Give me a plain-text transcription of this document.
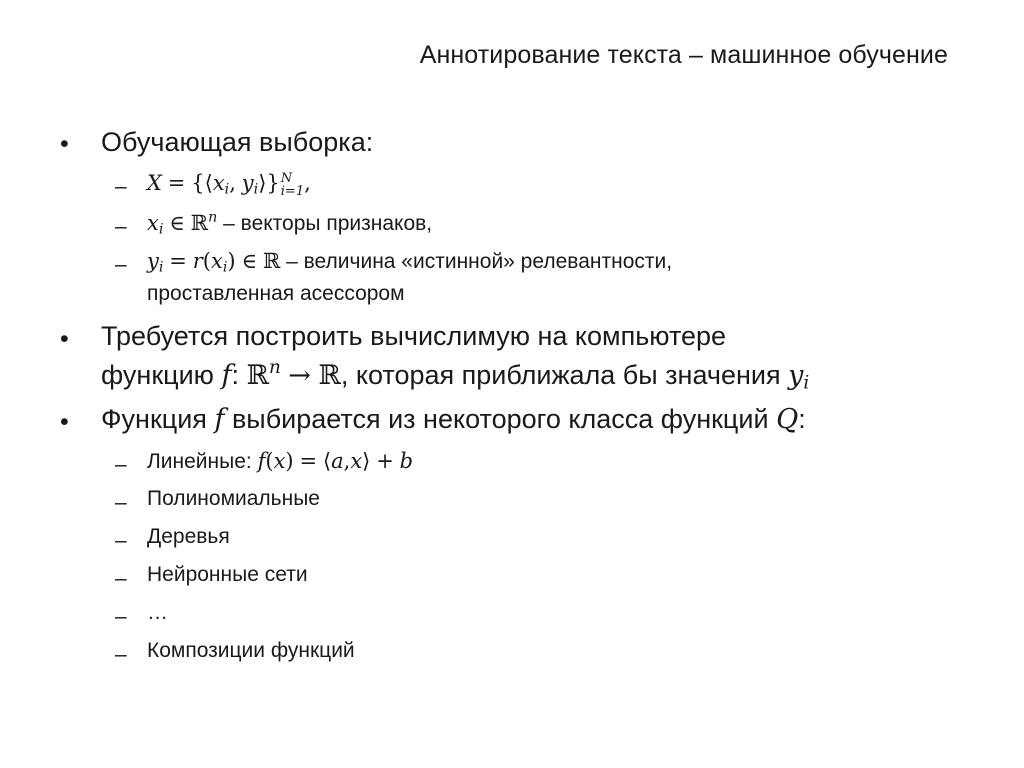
Аннотирование текста – машинное обучение
• Обучающая выборка:
– $X = \{⟨x_i$, $y_i⟩$} N
i=1 ,
– $x_i$ ∈ ℝ$^n$ – векторы признаков,
– $y_i = r(x_i)$ ∈ ℝ – величина «истинной» релевантности,
проставленная асессором
• Требуется построить вычислимую на компьютере
функцию f: ℝ$^n$ → ℝ, которая приближала бы значения $y_i$
• Функция f выбирается из некоторого класса функций Q:
– Линейные: f(x) = ⟨a,x⟩ + b
– Полиномиальные
– Деревья
– Нейронные сети
– …
– Композиции функций
